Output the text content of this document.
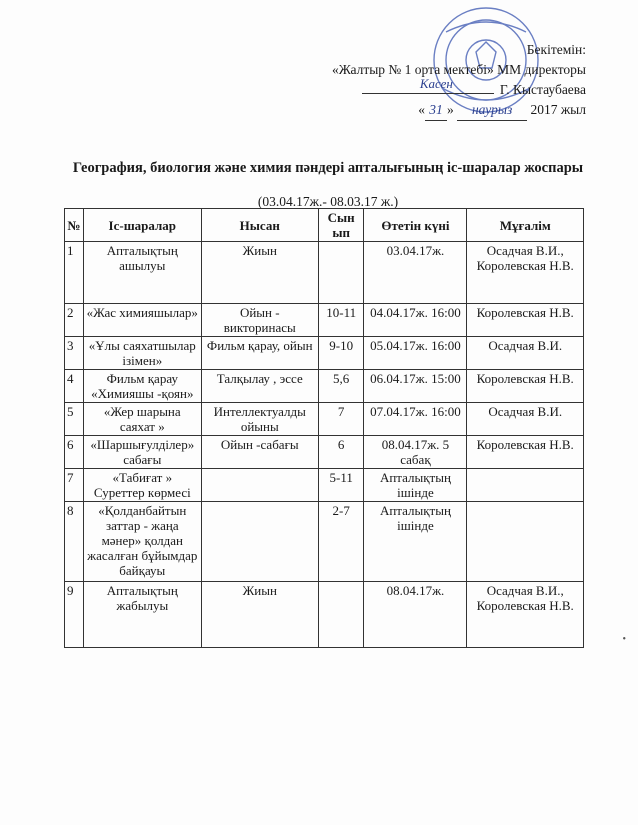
Бекітемін:
«Жалтыр № 1 орта мектебі» ММ директоры
Касен	Г. Кыстаубаева
« 31 » наурыз 2017 жыл
География, биология және химия пәндері апталығының іс-шаралар жоспары
(03.04.17ж.- 08.03.17 ж.)
№	Іс-шаралар	Нысан	Сын ып	Өтетін күні	Мұғалім
1	Апталықтың ашылуы	Жиын		03.04.17ж.	Осадчая В.И., Королевская Н.В.
2	«Жас химияшылар»	Ойын - викторинасы	10-11	04.04.17ж. 16:00	Королевская Н.В.
3	«Ұлы саяхатшылар ізімен»	Фильм қарау, ойын	9-10	05.04.17ж. 16:00	Осадчая В.И.
4	Фильм қарау «Химияшы -қоян»	Талқылау , эссе	5,6	06.04.17ж. 15:00	Королевская Н.В.
5	«Жер шарына саяхат »	Интеллектуалды ойыны	7	07.04.17ж. 16:00	Осадчая В.И.
6	«Шаршығулділер» сабағы	Ойын -сабағы	6	08.04.17ж. 5 сабақ	Королевская Н.В.
7	«Табиғат » Суреттер көрмесі		5-11	Апталықтың ішінде	
8	«Қолданбайтын заттар - жаңа мәнер» қолдан жасалған бұйымдар байқауы		2-7	Апталықтың ішінде	
9	Апталықтың жабылуы	Жиын		08.04.17ж.	Осадчая В.И., Королевская Н.В.
•
